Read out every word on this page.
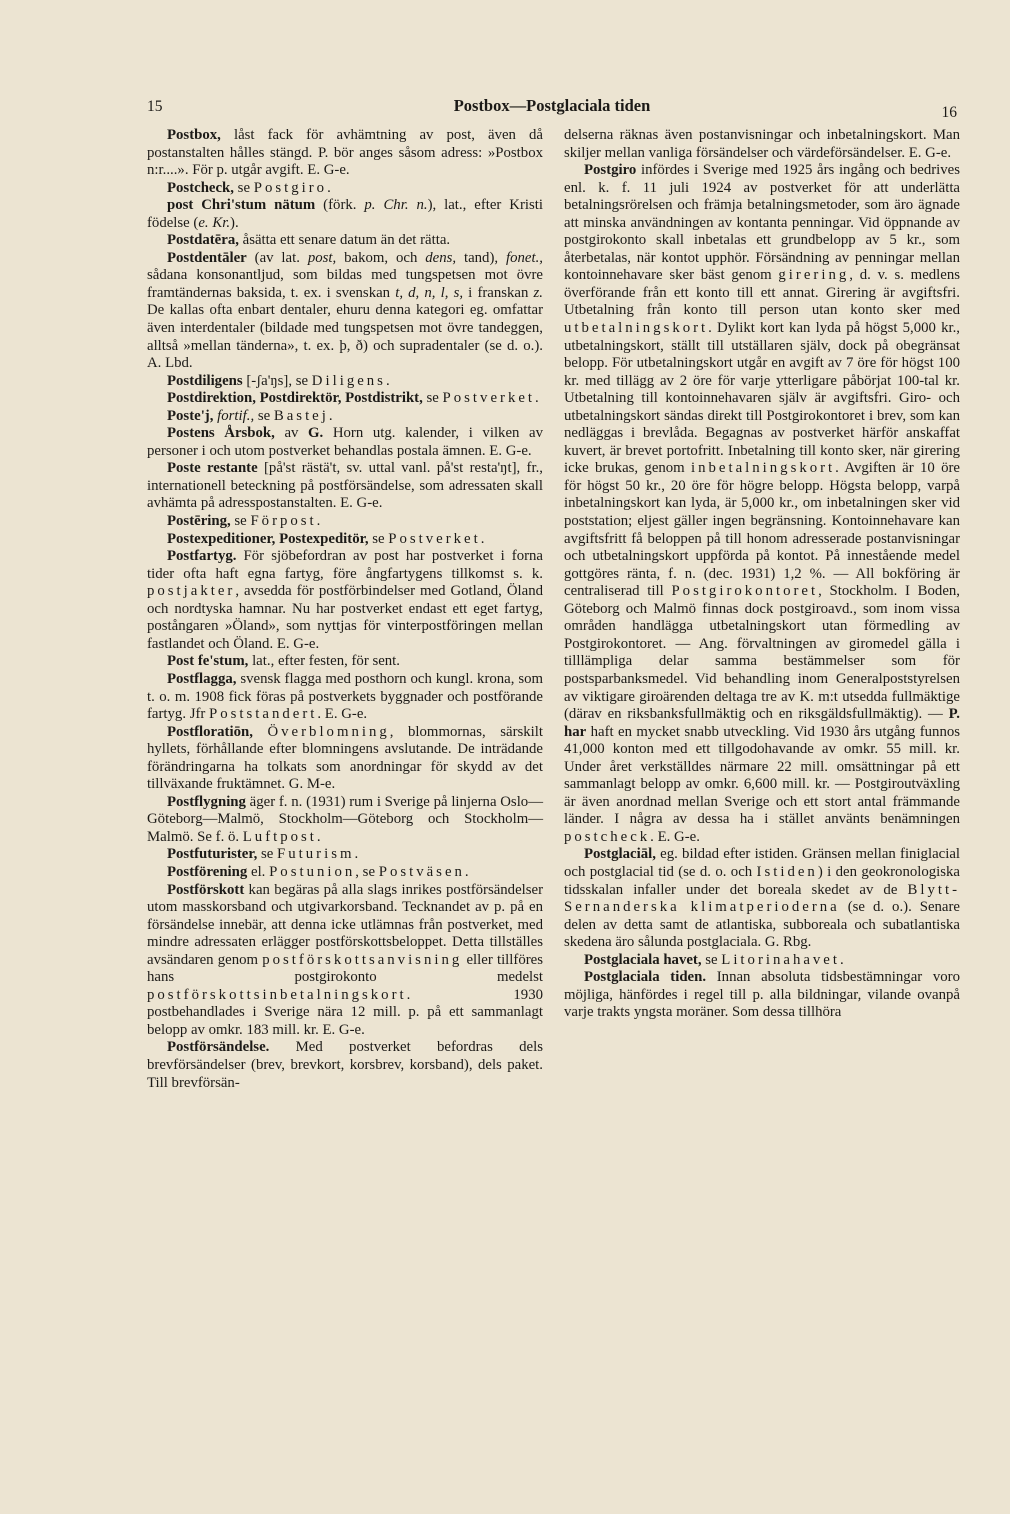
15	Postbox—Postglaciala tiden	16

Postbox, låst fack för avhämtning av post, även då postanstalten hålles stängd. P. bör anges såsom adress: »Postbox n:r....». För p. utgår avgift. E. G-e.

Postcheck, se Postgiro.

post Chri'stum nätum (förk. p. Chr. n.), lat., efter Kristi födelse (e. Kr.).

Postdatēra, åsätta ett senare datum än det rätta.

Postdentāler (av lat. post, bakom, och dens, tand), fonet., sådana konsonantljud, som bildas med tungspetsen mot övre framtändernas baksida, t. ex. i svenskan t, d, n, l, s, i franskan z. De kallas ofta enbart dentaler, ehuru denna kategori eg. omfattar även interdentaler (bildade med tungspetsen mot övre tandeggen, alltså »mellan tänderna», t. ex. þ, ð) och supradentaler (se d. o.). A. Lbd.

Postdiligens [-ʃa'ŋs], se Diligens.

Postdirektion, Postdirektör, Postdistrikt, se Postverket.

Poste'j, fortif., se Bastej.

Postens Årsbok, av G. Horn utg. kalender, i vilken av personer i och utom postverket behandlas postala ämnen. E. G-e.

Poste restante [på'st rästä't, sv. uttal vanl. på'st resta'ŋt], fr., internationell beteckning på postförsändelse, som adressaten skall avhämta på adresspostanstalten. E. G-e.

Postēring, se Förpost.

Postexpeditioner, Postexpeditör, se Postverket.

Postfartyg. För sjöbefordran av post har postverket i forna tider ofta haft egna fartyg, före ångfartygens tillkomst s. k. postjakter, avsedda för postförbindelser med Gotland, Öland och nordtyska hamnar. Nu har postverket endast ett eget fartyg, postångaren »Öland», som nyttjas för vinterpostföringen mellan fastlandet och Öland. E. G-e.

Post fe'stum, lat., efter festen, för sent.

Postflagga, svensk flagga med posthorn och kungl. krona, som t. o. m. 1908 fick föras på postverkets byggnader och postförande fartyg. Jfr Poststandert. E. G-e.

Postfloratiōn, Överblomning, blommornas, särskilt hyllets, förhållande efter blomningens avslutande. De inträdande förändringarna ha tolkats som anordningar för skydd av det tillväxande fruktämnet. G. M-e.

Postflygning äger f. n. (1931) rum i Sverige på linjerna Oslo—Göteborg—Malmö, Stockholm—Göteborg och Stockholm—Malmö. Se f. ö. Luftpost.

Postfuturister, se Futurism.

Postförening el. Postunion, se Postväsen.

Postförskott kan begäras på alla slags inrikes postförsändelser utom masskorsband och utgivarkorsband. Tecknandet av p. på en försändelse innebär, att denna icke utlämnas från postverket, med mindre adressaten erlägger postförskottsbeloppet. Detta tillställes avsändaren genom postförskottsanvisning eller tillföres hans postgirokonto medelst postförskottsinbetalningskort. 1930 postbehandlades i Sverige nära 12 mill. p. på ett sammanlagt belopp av omkr. 183 mill. kr. E. G-e.

Postförsändelse. Med postverket befordras dels brevförsändelser (brev, brevkort, korsbrev, korsband), dels paket. Till brevförsän-

delserna räknas även postanvisningar och inbetalningskort. Man skiljer mellan vanliga försändelser och värdeförsändelser. E. G-e.

Postgiro infördes i Sverige med 1925 års ingång och bedrives enl. k. f. 11 juli 1924 av postverket för att underlätta betalningsrörelsen och främja betalningsmetoder, som äro ägnade att minska användningen av kontanta penningar. Vid öppnande av postgirokonto skall inbetalas ett grundbelopp av 5 kr., som återbetalas, när kontot upphör. Försändning av penningar mellan kontoinnehavare sker bäst genom girering, d. v. s. medlens överförande från ett konto till ett annat. Girering är avgiftsfri. Utbetalning från konto till person utan konto sker med utbetalningskort. Dylikt kort kan lyda på högst 5,000 kr., utbetalningskort, ställt till utställaren själv, dock på obegränsat belopp. För utbetalningskort utgår en avgift av 7 öre för högst 100 kr. med tillägg av 2 öre för varje ytterligare påbörjat 100-tal kr. Utbetalning till kontoinnehavaren själv är avgiftsfri. Giro- och utbetalningskort sändas direkt till Postgirokontoret i brev, som kan nedläggas i brevlåda. Begagnas av postverket härför anskaffat kuvert, är brevet portofritt. Inbetalning till konto sker, när girering icke brukas, genom inbetalningskort. Avgiften är 10 öre för högst 50 kr., 20 öre för högre belopp. Högsta belopp, varpå inbetalningskort kan lyda, är 5,000 kr., om inbetalningen sker vid poststation; eljest gäller ingen begränsning. Kontoinnehavare kan avgiftsfritt få beloppen på till honom adresserade postanvisningar och utbetalningskort uppförda på kontot. På innestående medel gottgöres ränta, f. n. (dec. 1931) 1,2 %. — All bokföring är centraliserad till Postgirokontoret, Stockholm. I Boden, Göteborg och Malmö finnas dock postgiroavd., som inom vissa områden handlägga utbetalningskort utan förmedling av Postgirokontoret. — Ang. förvaltningen av giromedel gälla i tilllämpliga delar samma bestämmelser som för postsparbanksmedel. Vid behandling inom Generalpoststyrelsen av viktigare giroärenden deltaga tre av K. m:t utsedda fullmäktige (därav en riksbanksfullmäktig och en riksgäldsfullmäktig). — P. har haft en mycket snabb utveckling. Vid 1930 års utgång funnos 41,000 konton med ett tillgodohavande av omkr. 55 mill. kr. Under året verkställdes närmare 22 mill. omsättningar på ett sammanlagt belopp av omkr. 6,600 mill. kr. — Postgiroutväxling är även anordnad mellan Sverige och ett stort antal främmande länder. I några av dessa ha i stället använts benämningen postcheck. E. G-e.

Postglaciāl, eg. bildad efter istiden. Gränsen mellan finiglacial och postglacial tid (se d. o. och Istiden) i den geokronologiska tidsskalan infaller under det boreala skedet av de Blytt-Sernanderska klimatperioderna (se d. o.). Senare delen av detta samt de atlantiska, subboreala och subatlantiska skedena äro sålunda postglaciala. G. Rbg.

Postglaciala havet, se Litorinahavet.

Postglaciala tiden. Innan absoluta tidsbestämningar voro möjliga, hänfördes i regel till p. alla bildningar, vilande ovanpå varje trakts yngsta moräner. Som dessa tillhöra
